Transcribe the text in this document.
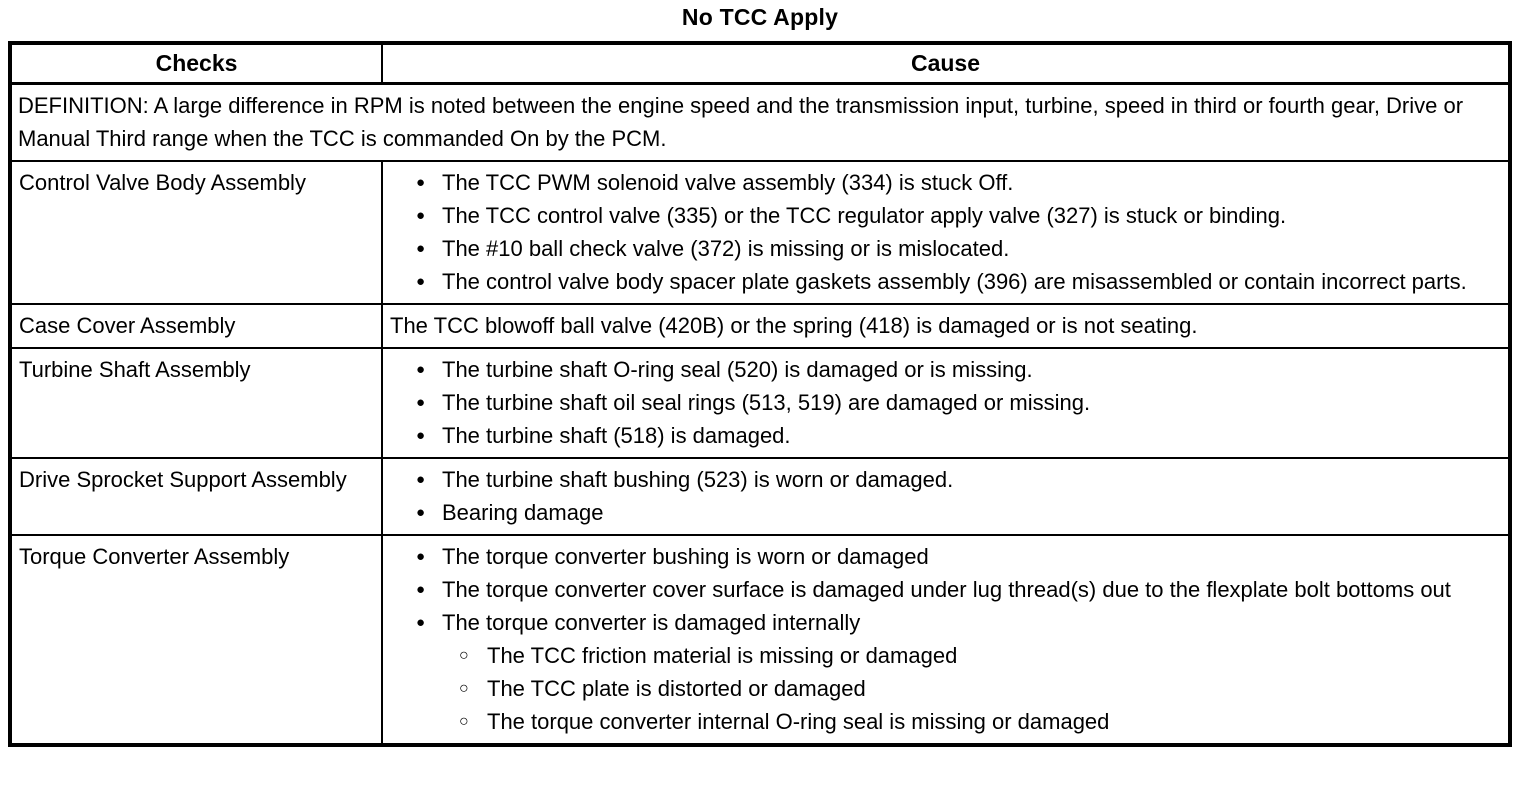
No TCC Apply
Checks	Cause
DEFINITION: A large difference in RPM is noted between the engine speed and the transmission input, turbine, speed in third or fourth gear, Drive or Manual Third range when the TCC is commanded On by the PCM.	
Control Valve Body Assembly	● The TCC PWM solenoid valve assembly (334) is stuck Off.
● The TCC control valve (335) or the TCC regulator apply valve (327) is stuck or binding.
● The #10 ball check valve (372) is missing or is mislocated.
● The control valve body spacer plate gaskets assembly (396) are misassembled or contain incorrect parts.

Case Cover Assembly	The TCC blowoff ball valve (420B) or the spring (418) is damaged or is not seating.

Turbine Shaft Assembly	● The turbine shaft O-ring seal (520) is damaged or is missing.
● The turbine shaft oil seal rings (513, 519) are damaged or missing.
● The turbine shaft (518) is damaged.

Drive Sprocket Support Assembly	● The turbine shaft bushing (523) is worn or damaged.
● Bearing damage

Torque Converter Assembly	● The torque converter bushing is worn or damaged
● The torque converter cover surface is damaged under lug thread(s) due to the flexplate bolt bottoms out
● The torque converter is damaged internally
○ The TCC friction material is missing or damaged
○ The TCC plate is distorted or damaged
○ The torque converter internal O-ring seal is missing or damaged
